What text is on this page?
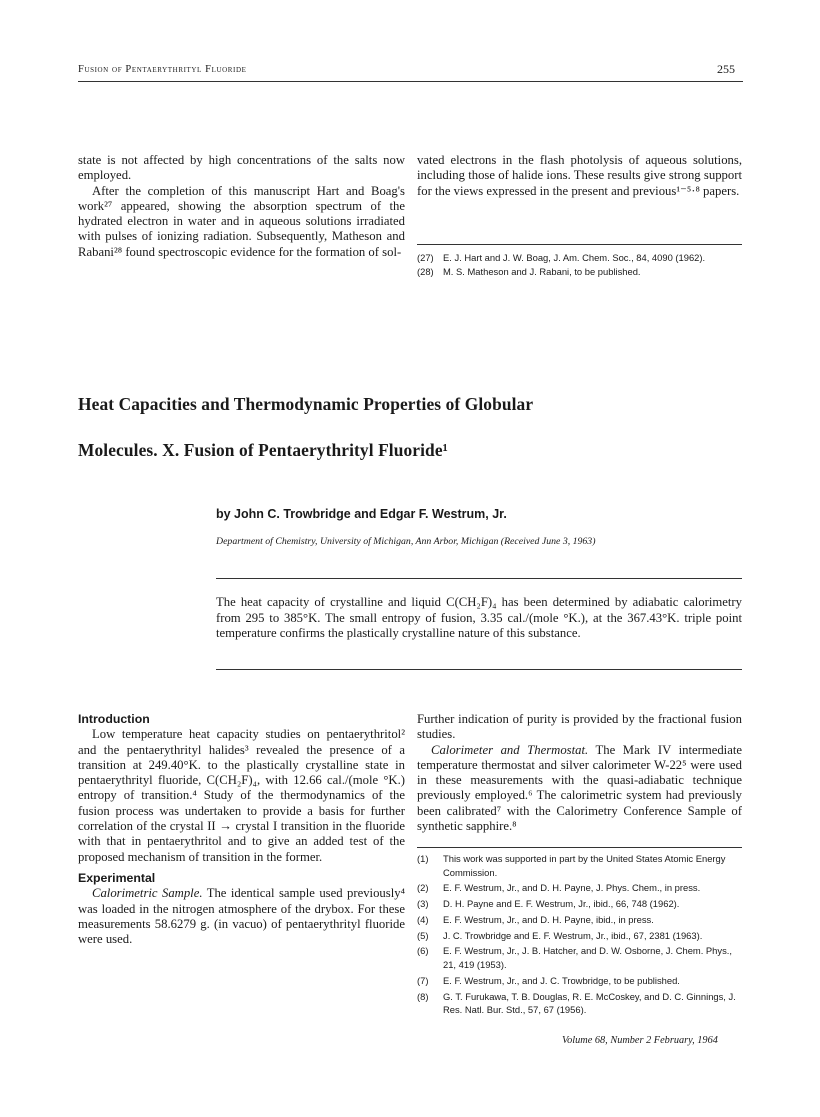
Fusion of Pentaerythrityl Fluoride	255

state is not affected by high concentrations of the salts now employed.

After the completion of this manuscript Hart and Boag's work²⁷ appeared, showing the absorption spectrum of the hydrated electron in water and in aqueous solutions irradiated with pulses of ionizing radiation. Subsequently, Matheson and Rabani²⁸ found spectroscopic evidence for the formation of sol-

vated electrons in the flash photolysis of aqueous solutions, including those of halide ions. These results give strong support for the views expressed in the present and previous¹⁻⁵·⁸ papers.

(27) E. J. Hart and J. W. Boag, J. Am. Chem. Soc., 84, 4090 (1962).
(28) M. S. Matheson and J. Rabani, to be published.
Heat Capacities and Thermodynamic Properties of Globular
Molecules. X. Fusion of Pentaerythrityl Fluoride¹
by John C. Trowbridge and Edgar F. Westrum, Jr.
Department of Chemistry, University of Michigan, Ann Arbor, Michigan (Received June 3, 1963)
The heat capacity of crystalline and liquid C(CH₂F)₄ has been determined by adiabatic calorimetry from 295 to 385°K. The small entropy of fusion, 3.35 cal./(mole °K.), at the 367.43°K. triple point temperature confirms the plastically crystalline nature of this substance.
Introduction

Low temperature heat capacity studies on pentaerythritol² and the pentaerythrityl halides³ revealed the presence of a transition at 249.40°K. to the plastically crystalline state in pentaerythrityl fluoride, C(CH₂F)₄, with 12.66 cal./(mole °K.) entropy of transition.⁴ Study of the thermodynamics of the fusion process was undertaken to provide a basis for further correlation of the crystal II → crystal I transition in the fluoride with that in pentaerythritol and to give an added test of the proposed mechanism of transition in the former.

Experimental

Calorimetric Sample. The identical sample used previously⁴ was loaded in the nitrogen atmosphere of the drybox. For these measurements 58.6279 g. (in vacuo) of pentaerythrityl fluoride were used.

Further indication of purity is provided by the fractional fusion studies.

Calorimeter and Thermostat. The Mark IV intermediate temperature thermostat and silver calorimeter W-22⁵ were used in these measurements with the quasi-adiabatic technique previously employed.⁶ The calorimetric system had previously been calibrated⁷ with the Calorimetry Conference Sample of synthetic sapphire.⁸

(1)	This work was supported in part by the United States Atomic Energy Commission.
(2)	E. F. Westrum, Jr., and D. H. Payne, J. Phys. Chem., in press.
(3)	D. H. Payne and E. F. Westrum, Jr., ibid., 66, 748 (1962).
(4)	E. F. Westrum, Jr., and D. H. Payne, ibid., in press.
(5)	J. C. Trowbridge and E. F. Westrum, Jr., ibid., 67, 2381 (1963).
(6)	E. F. Westrum, Jr., J. B. Hatcher, and D. W. Osborne, J. Chem. Phys., 21, 419 (1953).
(7)	E. F. Westrum, Jr., and J. C. Trowbridge, to be published.
(8)	G. T. Furukawa, T. B. Douglas, R. E. McCoskey, and D. C. Ginnings, J. Res. Natl. Bur. Std., 57, 67 (1956).
Volume 68, Number 2 February, 1964
